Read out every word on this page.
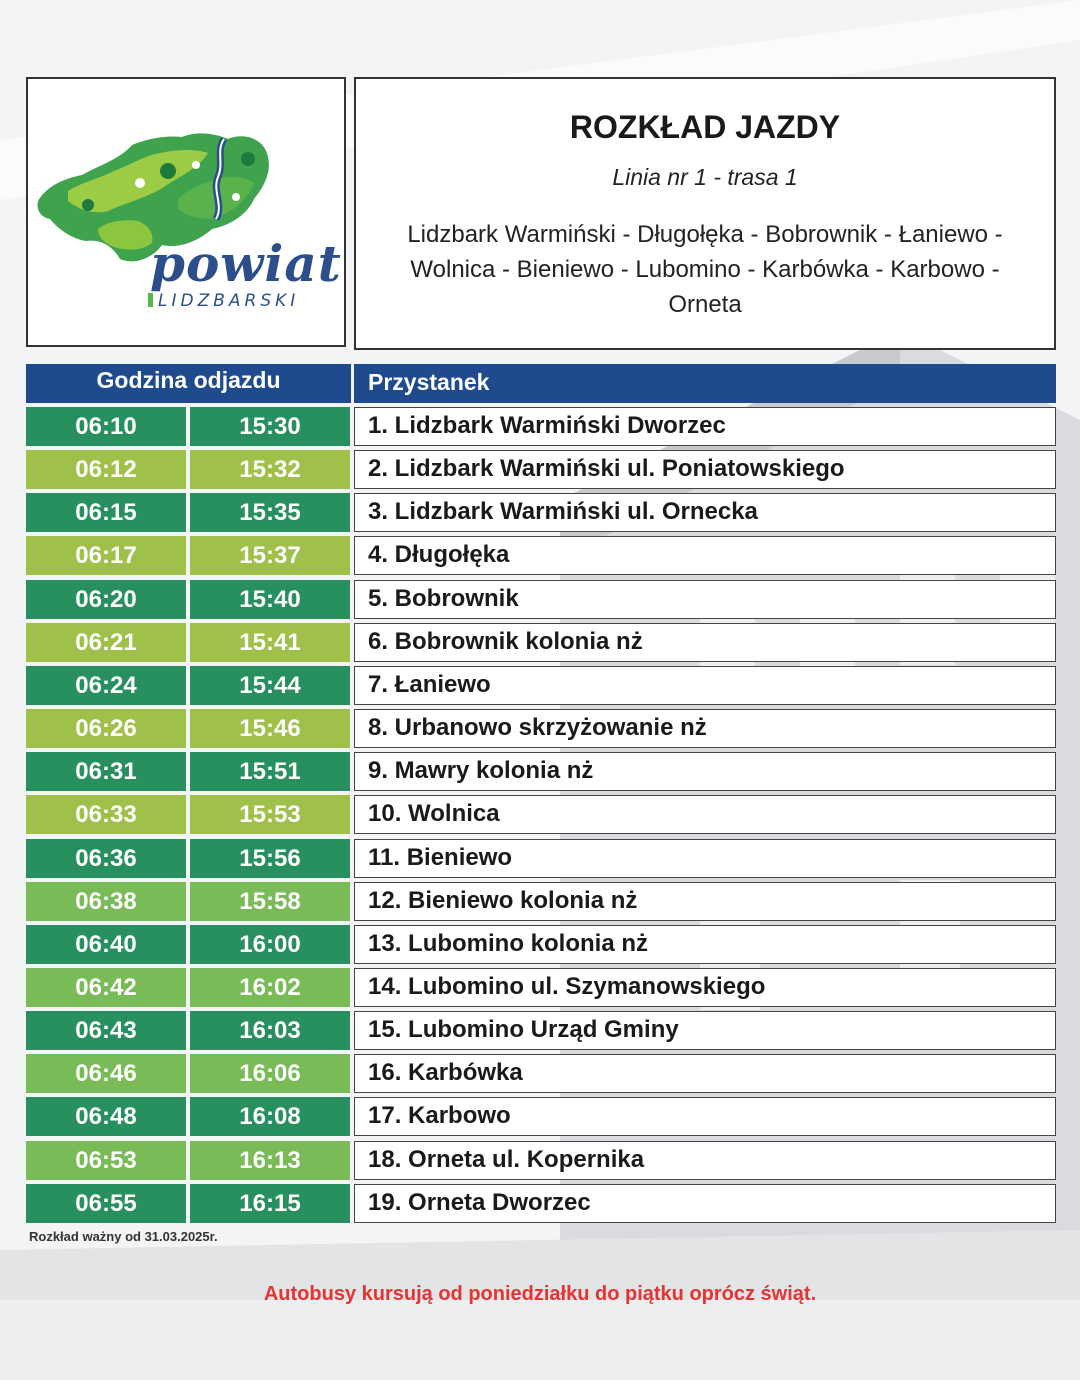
powiat
LIDZBARSKI
ROZKŁAD JAZDY
Linia nr 1 - trasa 1
Lidzbark Warmiński - Długołęka - Bobrownik - Łaniewo - Wolnica - Bieniewo - Lubomino - Karbówka - Karbowo - Orneta
Godzina odjazdu	Przystanek
06:10	15:30	1. Lidzbark Warmiński Dworzec
06:12	15:32	2. Lidzbark Warmiński ul. Poniatowskiego
06:15	15:35	3. Lidzbark Warmiński ul. Ornecka
06:17	15:37	4. Długołęka
06:20	15:40	5. Bobrownik
06:21	15:41	6. Bobrownik kolonia nż
06:24	15:44	7. Łaniewo
06:26	15:46	8. Urbanowo skrzyżowanie nż
06:31	15:51	9. Mawry kolonia nż
06:33	15:53	10. Wolnica
06:36	15:56	11. Bieniewo
06:38	15:58	12. Bieniewo kolonia nż
06:40	16:00	13. Lubomino kolonia nż
06:42	16:02	14. Lubomino ul. Szymanowskiego
06:43	16:03	15. Lubomino Urząd Gminy
06:46	16:06	16. Karbówka
06:48	16:08	17. Karbowo
06:53	16:13	18. Orneta ul. Kopernika
06:55	16:15	19. Orneta Dworzec
Rozkład ważny od 31.03.2025r.
Autobusy kursują od poniedziałku do piątku oprócz świąt.
